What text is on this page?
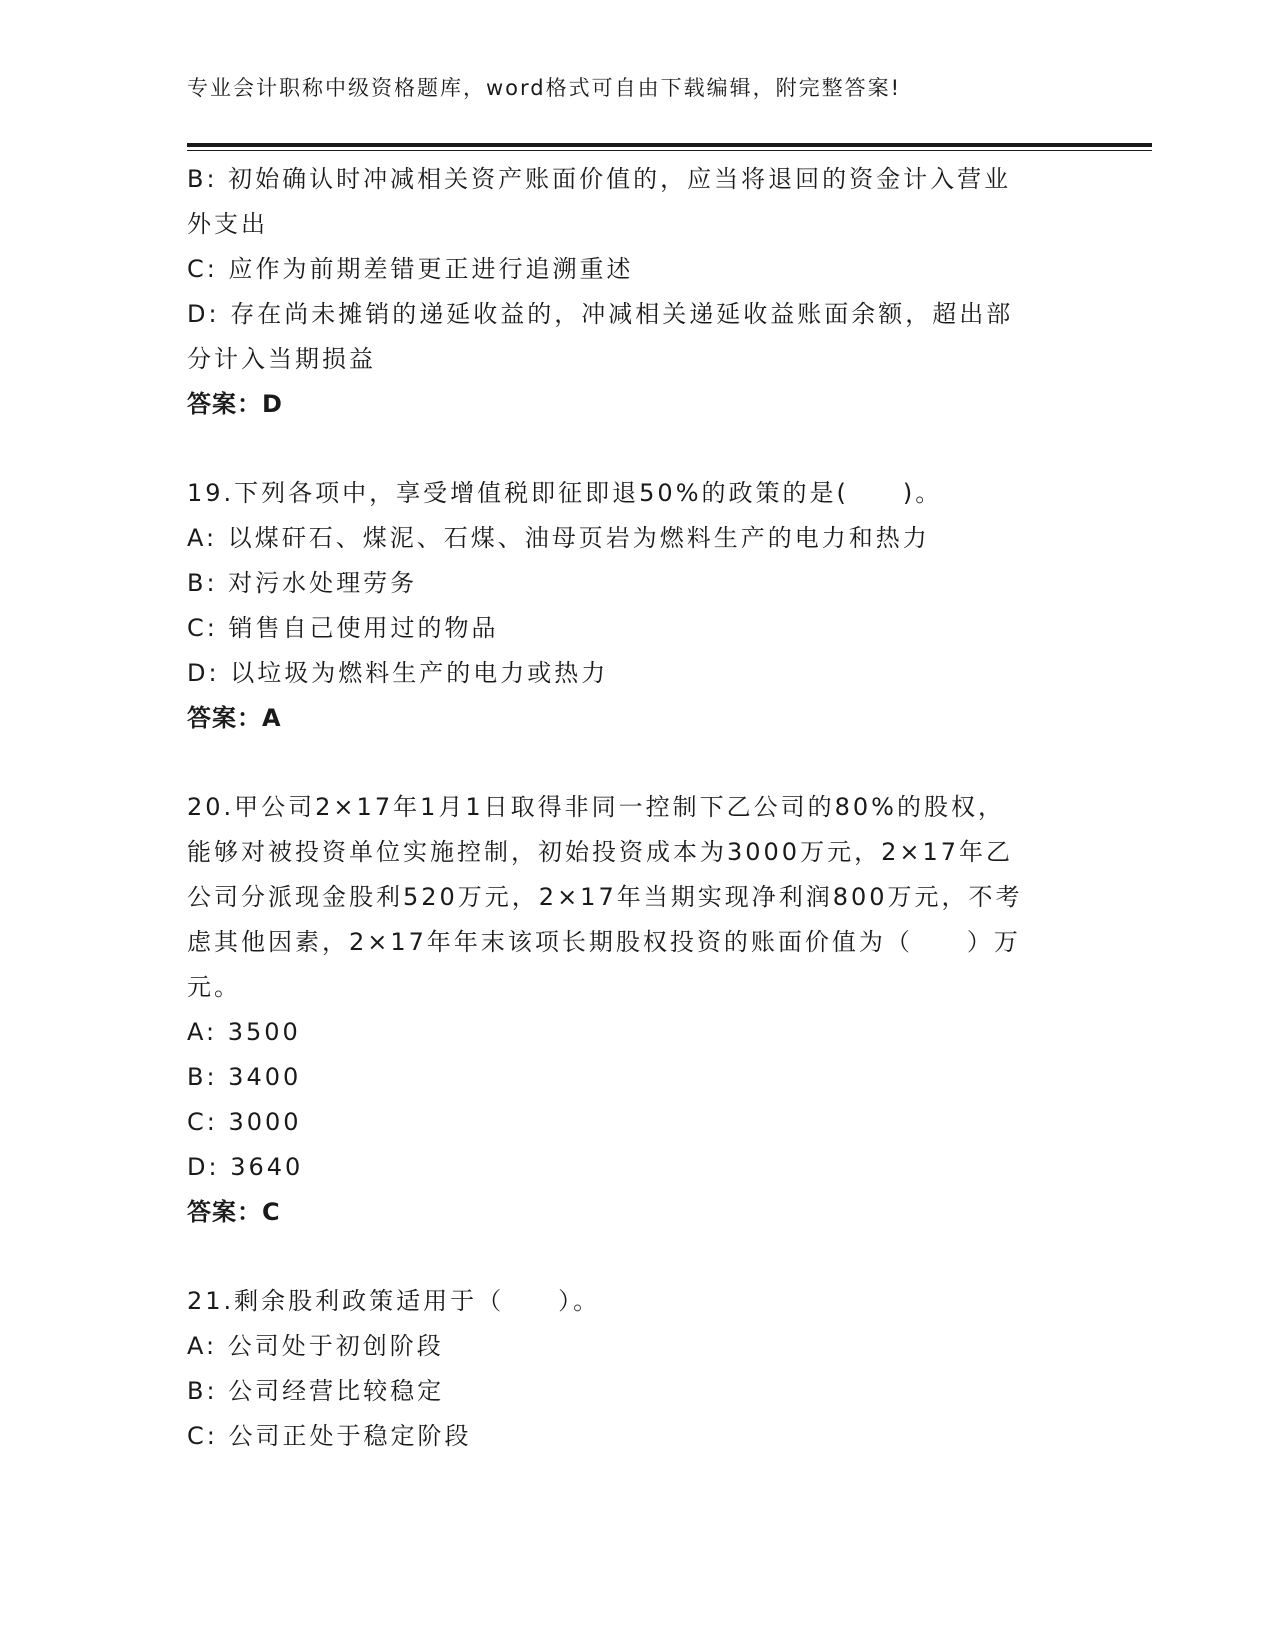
专业会计职称中级资格题库，word格式可自由下载编辑，附完整答案!
B: 初始确认时冲减相关资产账面价值的，应当将退回的资金计入营业
外支出
C: 应作为前期差错更正进行追溯重述
D: 存在尚未摊销的递延收益的，冲减相关递延收益账面余额，超出部
分计入当期损益
答案：D
19.下列各项中，享受增值税即征即退50%的政策的是(　　)。
A: 以煤矸石、煤泥、石煤、油母页岩为燃料生产的电力和热力
B: 对污水处理劳务
C: 销售自己使用过的物品
D: 以垃圾为燃料生产的电力或热力
答案：A
20.甲公司2×17年1月1日取得非同一控制下乙公司的80%的股权，
能够对被投资单位实施控制，初始投资成本为3000万元，2×17年乙
公司分派现金股利520万元，2×17年当期实现净利润800万元，不考
虑其他因素，2×17年年末该项长期股权投资的账面价值为（　　）万
元。
A: 3500
B: 3400
C: 3000
D: 3640
答案：C
21.剩余股利政策适用于（　　）。
A: 公司处于初创阶段
B: 公司经营比较稳定
C: 公司正处于稳定阶段
